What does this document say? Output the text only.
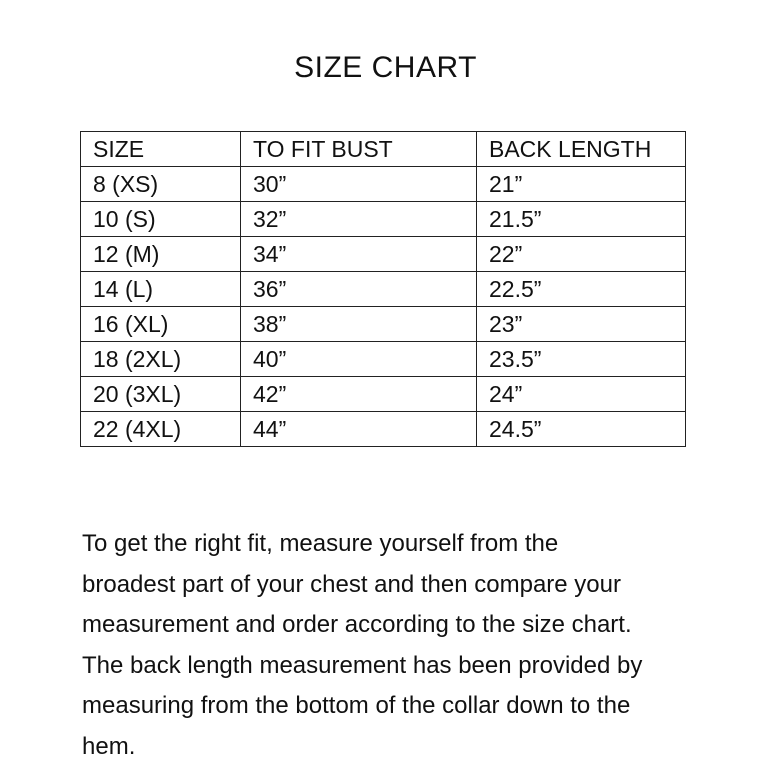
SIZE CHART
SIZE	TO FIT BUST	BACK LENGTH
8 (XS)	30”	21”
10 (S)	32”	21.5”
12 (M)	34”	22”
14 (L)	36”	22.5”
16 (XL)	38”	23”
18 (2XL)	40”	23.5”
20 (3XL)	42”	24”
22 (4XL)	44”	24.5”

To get the right fit, measure yourself from the
broadest part of your chest and then compare your
measurement and order according to the size chart.
The back length measurement has been provided by
measuring from the bottom of the collar down to the
hem.
